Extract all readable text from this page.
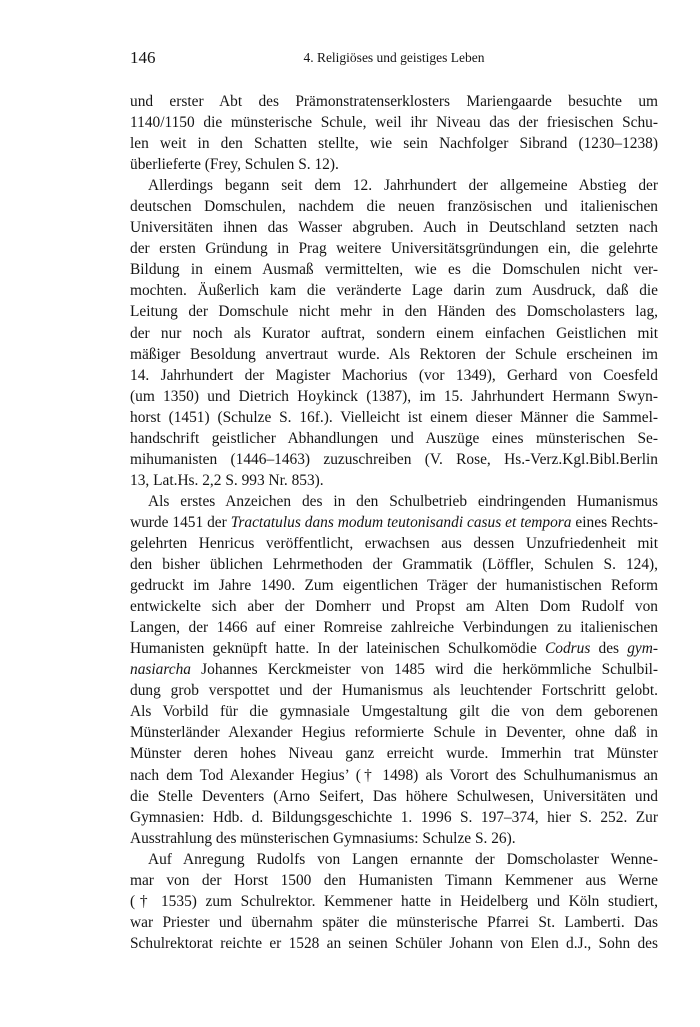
146	4. Religiöses und geistiges Leben
und erster Abt des Prämonstratenserklosters Mariengaarde besuchte um
1140/1150 die münsterische Schule, weil ihr Niveau das der friesischen Schu-
len weit in den Schatten stellte, wie sein Nachfolger Sibrand (1230–1238)
überlieferte (Frey, Schulen S. 12).
Allerdings begann seit dem 12. Jahrhundert der allgemeine Abstieg der
deutschen Domschulen, nachdem die neuen französischen und italienischen
Universitäten ihnen das Wasser abgruben. Auch in Deutschland setzten nach
der ersten Gründung in Prag weitere Universitätsgründungen ein, die gelehrte
Bildung in einem Ausmaß vermittelten, wie es die Domschulen nicht ver-
mochten. Äußerlich kam die veränderte Lage darin zum Ausdruck, daß die
Leitung der Domschule nicht mehr in den Händen des Domscholasters lag,
der nur noch als Kurator auftrat, sondern einem einfachen Geistlichen mit
mäßiger Besoldung anvertraut wurde. Als Rektoren der Schule erscheinen im
14. Jahrhundert der Magister Machorius (vor 1349), Gerhard von Coesfeld
(um 1350) und Dietrich Hoykinck (1387), im 15. Jahrhundert Hermann Swyn-
horst (1451) (Schulze S. 16f.). Vielleicht ist einem dieser Männer die Sammel-
handschrift geistlicher Abhandlungen und Auszüge eines münsterischen Se-
mihumanisten (1446–1463) zuzuschreiben (V. Rose, Hs.-Verz.Kgl.Bibl.Berlin
13, Lat.Hs. 2,2 S. 993 Nr. 853).
Als erstes Anzeichen des in den Schulbetrieb eindringenden Humanismus
wurde 1451 der Tractatulus dans modum teutonisandi casus et tempora eines Rechts-
gelehrten Henricus veröffentlicht, erwachsen aus dessen Unzufriedenheit mit
den bisher üblichen Lehrmethoden der Grammatik (Löffler, Schulen S. 124),
gedruckt im Jahre 1490. Zum eigentlichen Träger der humanistischen Reform
entwickelte sich aber der Domherr und Propst am Alten Dom Rudolf von
Langen, der 1466 auf einer Romreise zahlreiche Verbindungen zu italienischen
Humanisten geknüpft hatte. In der lateinischen Schulkomödie Codrus des gym-
nasiarcha Johannes Kerckmeister von 1485 wird die herkömmliche Schulbil-
dung grob verspottet und der Humanismus als leuchtender Fortschritt gelobt.
Als Vorbild für die gymnasiale Umgestaltung gilt die von dem geborenen
Münsterländer Alexander Hegius reformierte Schule in Deventer, ohne daß in
Münster deren hohes Niveau ganz erreicht wurde. Immerhin trat Münster
nach dem Tod Alexander Hegius’ († 1498) als Vorort des Schulhumanismus an
die Stelle Deventers (Arno Seifert, Das höhere Schulwesen, Universitäten und
Gymnasien: Hdb. d. Bildungsgeschichte 1. 1996 S. 197–374, hier S. 252. Zur
Ausstrahlung des münsterischen Gymnasiums: Schulze S. 26).
Auf Anregung Rudolfs von Langen ernannte der Domscholaster Wenne-
mar von der Horst 1500 den Humanisten Timann Kemmener aus Werne
(† 1535) zum Schulrektor. Kemmener hatte in Heidelberg und Köln studiert,
war Priester und übernahm später die münsterische Pfarrei St. Lamberti. Das
Schulrektorat reichte er 1528 an seinen Schüler Johann von Elen d.J., Sohn des
